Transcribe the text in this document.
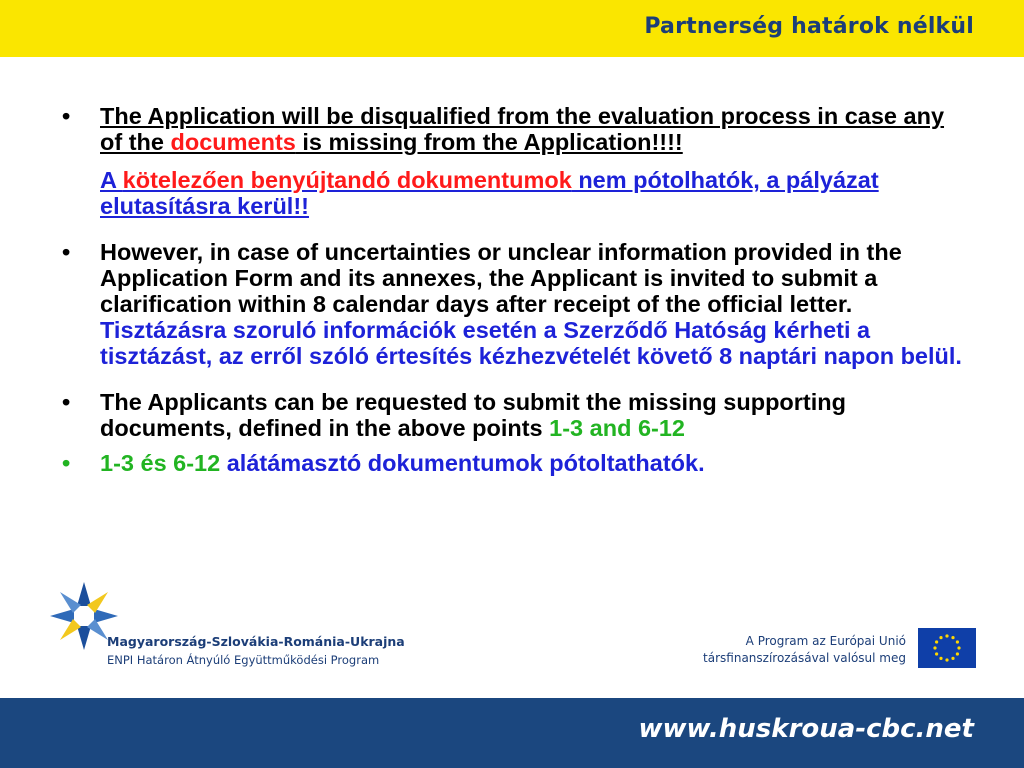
Partnerség határok nélkül
• The Application will be disqualified from the evaluation process in case any of the documents is missing from the Application!!!!
A kötelezően benyújtandó dokumentumok nem pótolhatók, a pályázat elutasításra kerül!!
• However, in case of uncertainties or unclear information provided in the Application Form and its annexes, the Applicant is invited to submit a clarification within 8 calendar days after receipt of the official letter. Tisztázásra szoruló információk esetén a Szerződő Hatóság kérheti a tisztázást, az erről szóló értesítés kézhezvételét követő 8 naptári napon belül.
• The Applicants can be requested to submit the missing supporting documents, defined in the above points 1-3 and 6-12
• 1-3 és 6-12 alátámasztó dokumentumok pótoltathatók.
Magyarország-Szlovákia-Románia-Ukrajna
ENPI Határon Átnyúló Együttműködési Program
A Program az Európai Unió
társfinanszírozásával valósul meg
www.huskroua-cbc.net
